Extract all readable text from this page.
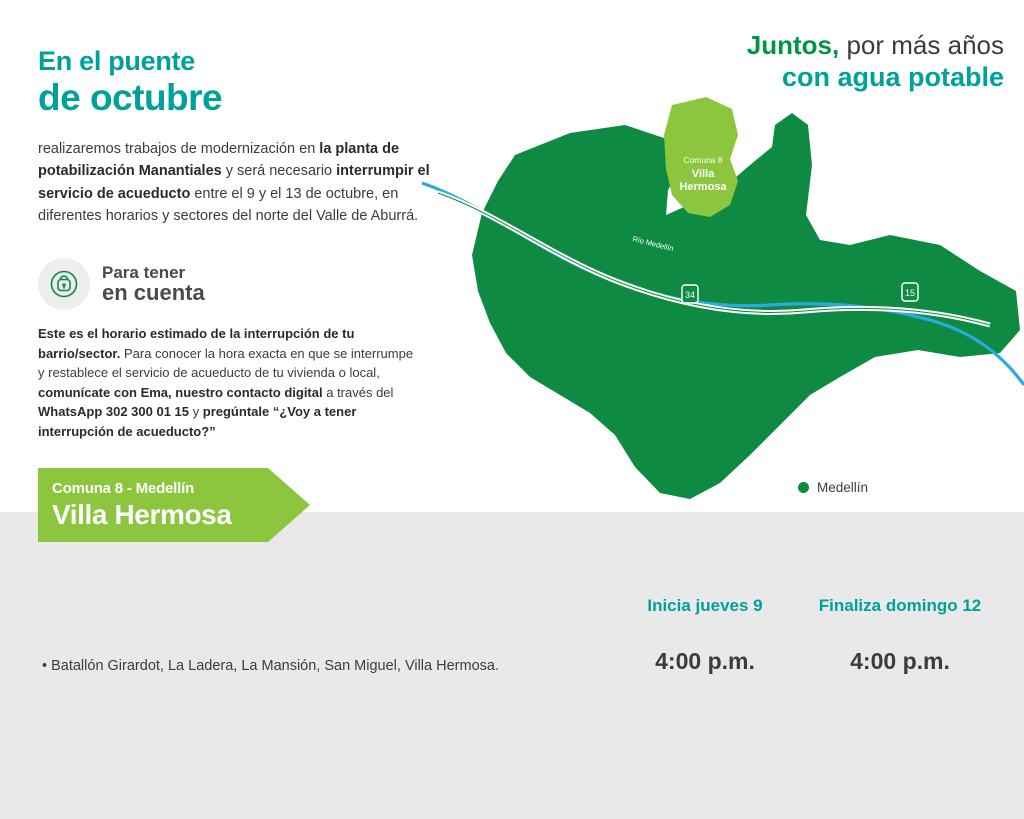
En el puente
de octubre
realizaremos trabajos de modernización en la planta de potabilización Manantiales y será necesario interrumpir el servicio de acueducto entre el 9 y el 13 de octubre, en diferentes horarios y sectores del norte del Valle de Aburrá.
Para tener
en cuenta
Este es el horario estimado de la interrupción de tu barrio/sector. Para conocer la hora exacta en que se interrumpe y restablece el servicio de acueducto de tu vivienda o local, comunícate con Ema, nuestro contacto digital a través del WhatsApp 302 300 01 15 y pregúntale “¿Voy a tener interrupción de acueducto?”
Comuna 8 - Medellín
Villa Hermosa
Juntos, por más años
con agua potable
34	15
Río Medellín
Comuna 8
Villa
Hermosa
Medellín
Inicia jueves 9
4:00 p.m.
Finaliza domingo 12
4:00 p.m.
• Batallón Girardot, La Ladera, La Mansión, San Miguel, Villa Hermosa.
